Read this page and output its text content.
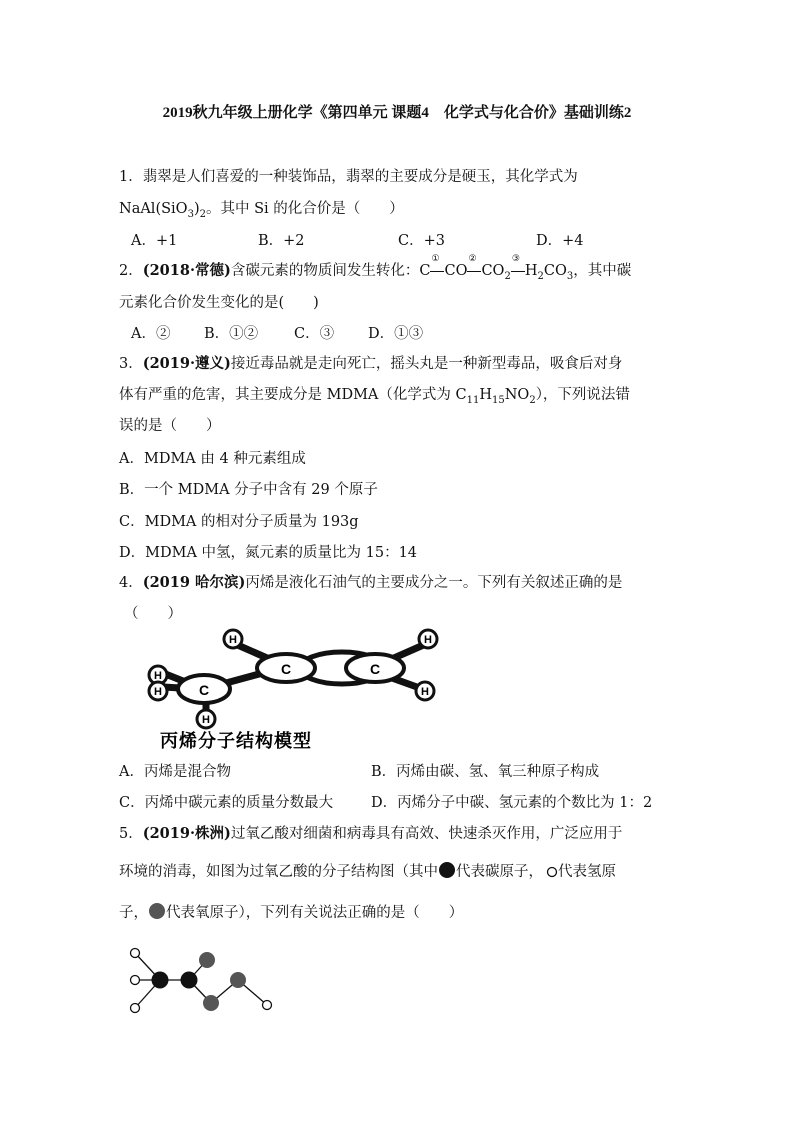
2019秋九年级上册化学《第四单元 课题4　化学式与化合价》基础训练2
1．翡翠是人们喜爱的一种装饰品，翡翠的主要成分是硬玉，其化学式为
$NaAl(SiO_3)_2$。其中 Si 的化合价是（　　）
A．+1	B．+2	C．+3	D．+4
2．(2018·常德)含碳元素的物质间发生转化：C
①
CO
②
$CO_2$
③
$H_2CO_3$，其中碳
元素化合价发生变化的是(　　)
A．② B．①② C．③ D．①③
3．(2019·遵义)接近毒品就是走向死亡，摇头丸是一种新型毒品，吸食后对身
体有严重的危害，其主要成分是 MDMA（化学式为 $C_{11}H_{15}NO_2$），下列说法错
误的是（　　）
A．MDMA 由 4 种元素组成
B．一个 MDMA 分子中含有 29 个原子
C．MDMA 的相对分子质量为 193g
D．MDMA 中氢，氮元素的质量比为 15：14
4．(2019 哈尔滨)丙烯是液化石油气的主要成分之一。下列有关叙述正确的是
（　　）
C	C
C
H	H
H
H
H
H
丙烯分子结构模型
A．丙烯是混合物	B．丙烯由碳、氢、氧三种原子构成
C．丙烯中碳元素的质量分数最大	D．丙烯分子中碳、氢元素的个数比为 1：2
5．(2019·株洲)过氧乙酸对细菌和病毒具有高效、快速杀灭作用，广泛应用于
环境的消毒，如图为过氧乙酸的分子结构图（其中 代表碳原子， 代表氢原
子， 代表氧原子），下列有关说法正确的是（　　）
